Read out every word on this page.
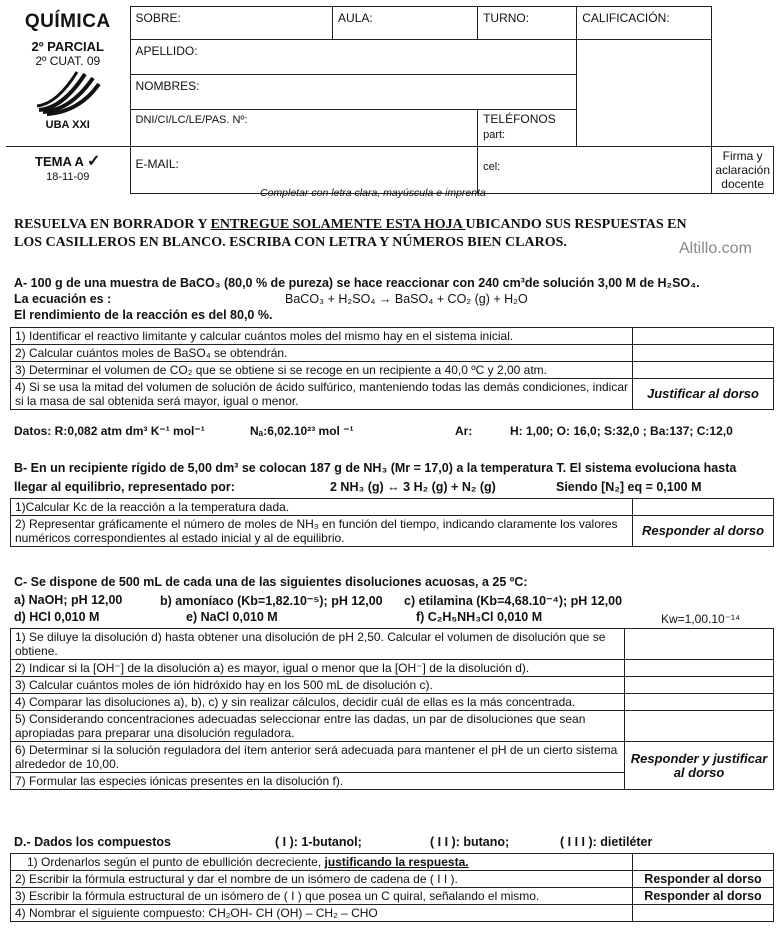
QUÍMICA
2º PARCIAL
2º CUAT. 09
UBA XXI	SOBRE:	AULA:	TURNO:	CALIFICACIÓN:	
	APELLIDO:				
	NOMBRES:				
	DNI/CI/LC/LE/PAS. Nº:		TELÉFONOS
part:		

TEMA A ✓
18-11-09	E-MAIL:		cel:		Firma y aclaración docente
Completar con letra clara, mayúscula e imprenta
RESUELVA EN BORRADOR Y ENTREGUE SOLAMENTE ESTA HOJA UBICANDO SUS RESPUESTAS EN
LOS CASILLEROS EN BLANCO. ESCRIBA CON LETRA Y NÚMEROS BIEN CLAROS.	Altillo.com
A- 100 g de una muestra de BaCO₃ (80,0 % de pureza) se hace reaccionar con 240 cm³de solución 3,00 M de H₂SO₄.
La ecuación es :	BaCO₃ + H₂SO₄ → BaSO₄ + CO₂ (g) + H₂O
El rendimiento de la reacción es del 80,0 %.
1) Identificar el reactivo limitante y calcular cuántos moles del mismo hay en el sistema inicial.	
2) Calcular cuántos moles de BaSO₄ se obtendrán.	
3) Determinar el volumen de CO₂ que se obtiene si se recoge en un recipiente a 40,0 ºC y 2,00 atm.	
4) Si se usa la mitad del volumen de solución de ácido sulfúrico, manteniendo todas las demás condiciones, indicar si la masa de sal obtenida será mayor, igual o menor.	Justificar al dorso
Datos: R:0,082 atm dm³ K⁻¹ mol⁻¹	Nₐ:6,02.10²³ mol ⁻¹	Ar:	H: 1,00; O: 16,0; S:32,0 ; Ba:137; C:12,0
B- En un recipiente rígido de 5,00 dm³ se colocan 187 g de NH₃ (Mr = 17,0) a la temperatura T. El sistema evoluciona hasta
llegar al equilibrio, representado por:	2 NH₃ (g) ↔ 3 H₂ (g) + N₂ (g)	Siendo [N₂] eq = 0,100 M
1)Calcular Kc de la reacción a la temperatura dada.	
2) Representar gráficamente el número de moles de NH₃ en función del tiempo, indicando claramente los valores numéricos correspondientes al estado inicial y al de equilibrio.	Responder al dorso
C- Se dispone de 500 mL de cada una de las siguientes disoluciones acuosas, a 25 ºC:
a) NaOH; pH 12,00	b) amoníaco (Kb=1,82.10⁻⁵); pH 12,00 c) etilamina (Kb=4,68.10⁻⁴); pH 12,00
d) HCl 0,010 M	e) NaCl 0,010 M	f) C₂H₅NH₃Cl 0,010 M	Kw=1,00.10⁻¹⁴
1) Se diluye la disolución d) hasta obtener una disolución de pH 2,50. Calcular el volumen de disolución que se obtiene.	
2) Indicar si la [OH⁻] de la disolución a) es mayor, igual o menor que la [OH⁻] de la disolución d).	
3) Calcular cuántos moles de ión hidróxido hay en los 500 mL de disolución c).	
4) Comparar las disoluciones a), b), c) y sin realizar cálculos, decidir cuál de ellas es la más concentrada.	
5) Considerando concentraciones adecuadas seleccionar entre las dadas, un par de disoluciones que sean apropiadas para preparar una disolución reguladora.	
6) Determinar si la solución reguladora del ítem anterior será adecuada para mantener el pH de un cierto sistema alrededor de 10,00.	Responder y justificar al dorso
7) Formular las especies iónicas presentes en la disolución f).	
D.- Dados los compuestos	( I ): 1-butanol;	( I I ): butano;	( I I I ): dietiléter
1) Ordenarlos según el punto de ebullición decreciente, justificando la respuesta.	
2) Escribir la fórmula estructural y dar el nombre de un isómero de cadena de ( I I ).	Responder al dorso
3) Escribir la fórmula estructural de un isómero de ( I ) que posea un C quiral, señalando el mismo.	Responder al dorso
4) Nombrar el siguiente compuesto: CH₂OH- CH (OH) – CH₂ – CHO	
